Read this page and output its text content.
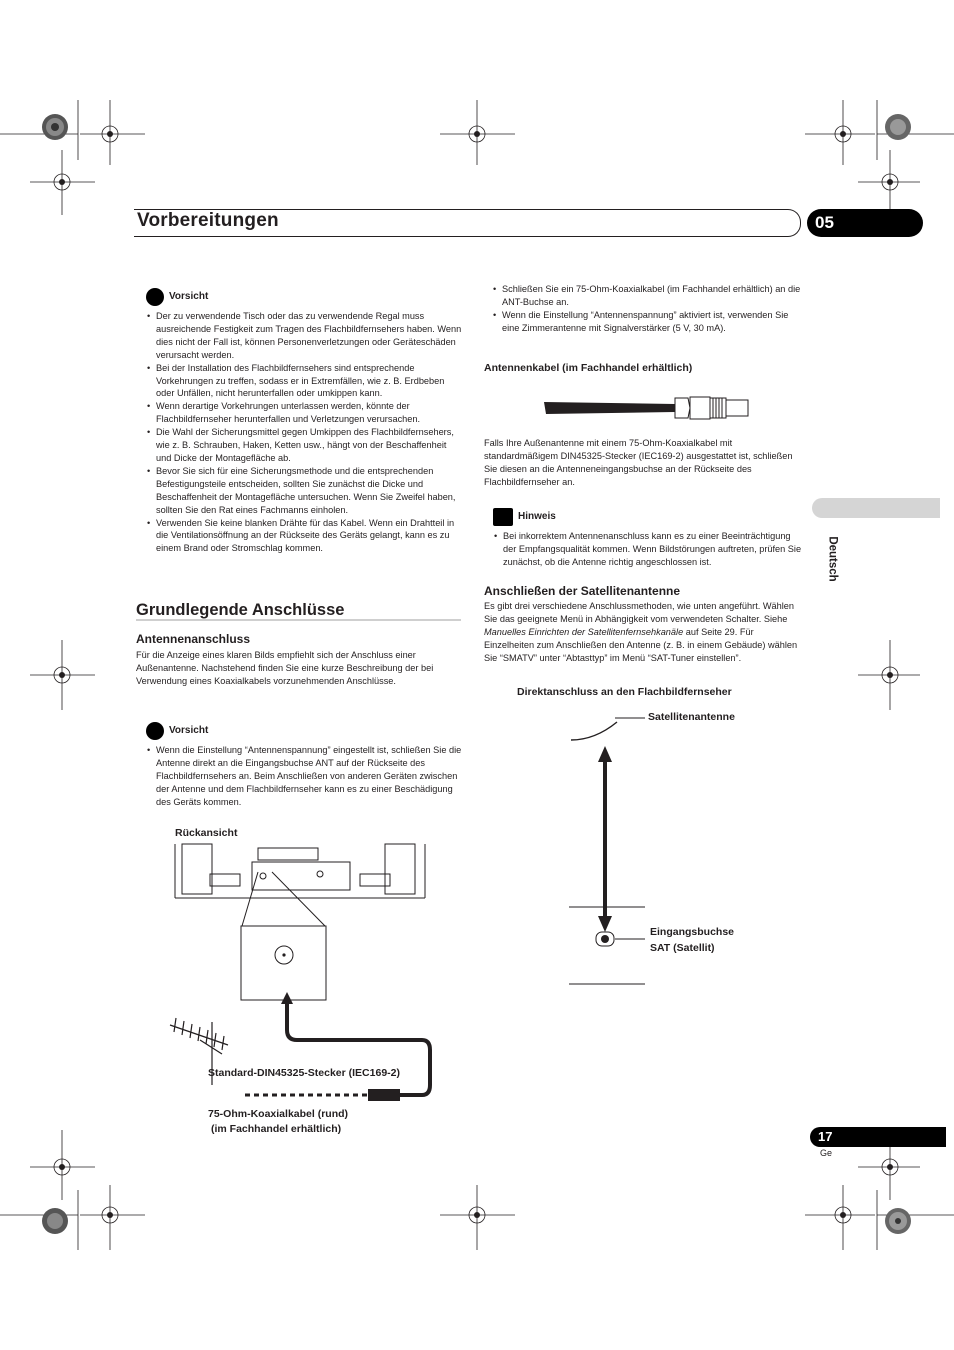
Vorbereitungen	05
Deutsch
Vorsicht
• Der zu verwendende Tisch oder das zu verwendende Regal muss ausreichende Festigkeit zum Tragen des Flachbildfernsehers haben. Wenn dies nicht der Fall ist, können Personenverletzungen oder Geräteschäden verursacht werden.
• Bei der Installation des Flachbildfernsehers sind entsprechende Vorkehrungen zu treffen, sodass er in Extremfällen, wie z. B. Erdbeben oder Unfällen, nicht herunterfallen oder umkippen kann.
• Wenn derartige Vorkehrungen unterlassen werden, könnte der Flachbildfernseher herunterfallen und Verletzungen verursachen.
• Die Wahl der Sicherungsmittel gegen Umkippen des Flachbildfernsehers, wie z. B. Schrauben, Haken, Ketten usw., hängt von der Beschaffenheit und Dicke der Montagefläche ab.
• Bevor Sie sich für eine Sicherungsmethode und die entsprechenden Befestigungsteile entscheiden, sollten Sie zunächst die Dicke und Beschaffenheit der Montagefläche untersuchen. Wenn Sie Zweifel haben, sollten Sie den Rat eines Fachmanns einholen.
• Verwenden Sie keine blanken Drähte für das Kabel. Wenn ein Drahtteil in die Ventilationsöffnung an der Rückseite des Geräts gelangt, kann es zu einem Brand oder Stromschlag kommen.
Grundlegende Anschlüsse
Antennenanschluss

Für die Anzeige eines klaren Bilds empfiehlt sich der Anschluss einer Außenantenne. Nachstehend finden Sie eine kurze Beschreibung der bei Verwendung eines Koaxialkabels vorzunehmenden Anschlüsse.

Vorsicht
• Wenn die Einstellung “Antennenspannung” eingestellt ist, schließen Sie die Antenne direkt an die Eingangsbuchse ANT auf der Rückseite des Flachbildfernsehers an. Beim Anschließen von anderen Geräten zwischen der Antenne und dem Flachbildfernseher kann es zu einer Beschädigung des Geräts kommen.
Rückansicht
Standard-DIN45325-Stecker (IEC169-2)
75-Ohm-Koaxialkabel (rund)
(im Fachhandel erhältlich)
• Schließen Sie ein 75-Ohm-Koaxialkabel (im Fachhandel erhältlich) an die ANT-Buchse an.
• Wenn die Einstellung “Antennenspannung” aktiviert ist, verwenden Sie eine Zimmerantenne mit Signalverstärker (5 V, 30 mA).
Antennenkabel (im Fachhandel erhältlich)

Falls Ihre Außenantenne mit einem 75-Ohm-Koaxialkabel mit standardmäßigem DIN45325-Stecker (IEC169-2) ausgestattet ist, schließen Sie diesen an die Antenneneingangsbuchse an der Rückseite des Flachbildfernseher an.

Hinweis
• Bei inkorrektem Antennenanschluss kann es zu einer Beeinträchtigung der Empfangsqualität kommen. Wenn Bildstörungen auftreten, prüfen Sie zunächst, ob die Antenne richtig angeschlossen ist.
Anschließen der Satellitenantenne

Es gibt drei verschiedene Anschlussmethoden, wie unten angeführt. Wählen Sie das geeignete Menü in Abhängigkeit vom verwendeten Schalter. Siehe Manuelles Einrichten der Satellitenfernsehkanäle auf Seite 29. Für Einzelheiten zum Anschließen den Antenne (z. B. in einem Gebäude) wählen Sie “SMATV” unter “Abtasttyp” im Menü “SAT-Tuner einstellen”.

Direktanschluss an den Flachbildfernseher
Satellitenantenne
Eingangsbuchse
SAT (Satellit)
17
Ge
